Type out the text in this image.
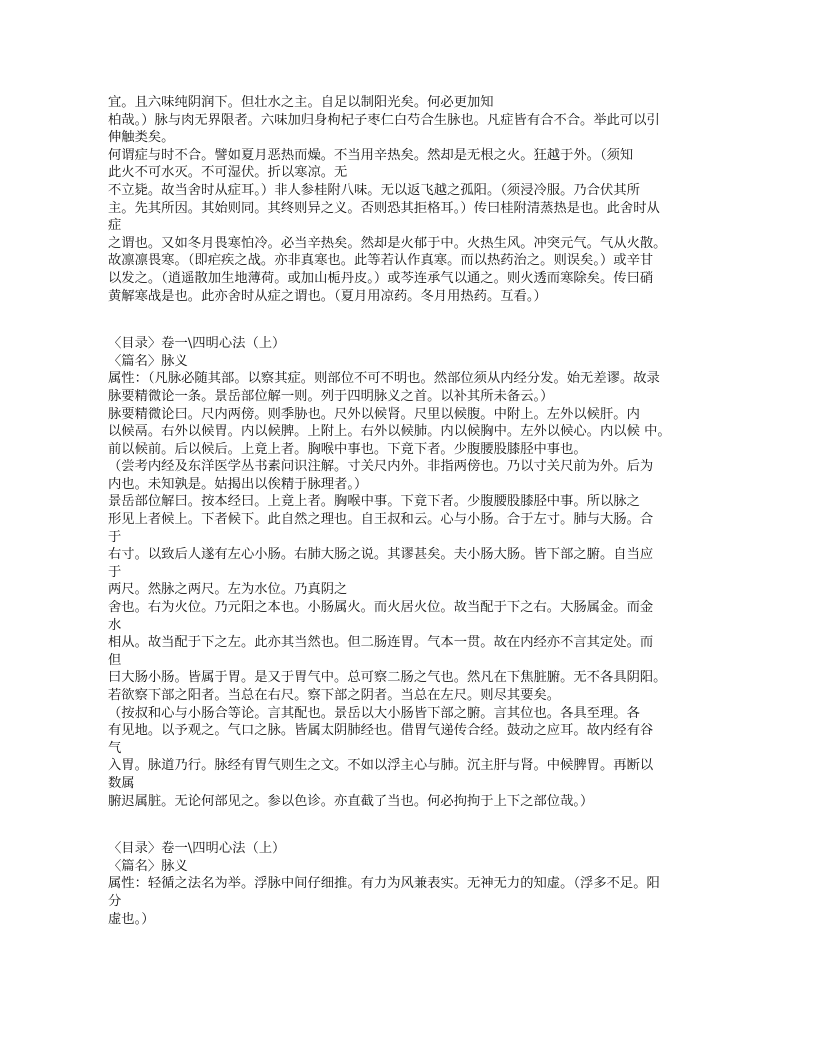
宜。且六味纯阴润下。但壮水之主。自足以制阳光矣。何必更加知
柏哉。）脉与肉无界限者。六味加归身枸杞子枣仁白芍合生脉也。凡症皆有合不合。举此可以引
伸触类矣。
何谓症与时不合。譬如夏月恶热而燥。不当用辛热矣。然却是无根之火。狂越于外。（须知
此火不可水灭。不可湿伏。折以寒凉。无
不立毙。故当舍时从症耳。）非人参桂附八味。无以返飞越之孤阳。（须浸冷服。乃合伏其所
主。先其所因。其始则同。其终则异之义。否则恐其拒格耳。）传曰桂附清蒸热是也。此舍时从
症
之谓也。又如冬月畏寒怕冷。必当辛热矣。然却是火郁于中。火热生风。冲突元气。气从火散。
故凛凛畏寒。（即疟疾之战。亦非真寒也。此等若认作真寒。而以热药治之。则误矣。）或辛甘
以发之。（逍遥散加生地薄荷。或加山栀丹皮。）或芩连承气以通之。则火透而寒除矣。传曰硝
黄解寒战是也。此亦舍时从症之谓也。（夏月用凉药。冬月用热药。互看。）
〈目录〉卷一\四明心法（上）
〈篇名〉脉义
属性：（凡脉必随其部。以察其症。则部位不可不明也。然部位须从内经分发。始无差谬。故录
脉要精微论一条。景岳部位解一则。列于四明脉义之首。以补其所未备云。）
脉要精微论曰。尺内两傍。则季胁也。尺外以候肾。尺里以候腹。中附上。左外以候肝。内
以候鬲。右外以候胃。内以候脾。上附上。右外以候肺。内以候胸中。左外以候心。内以候 中。
前以候前。后以候后。上竟上者。胸喉中事也。下竟下者。少腹腰股膝胫中事也。
（尝考内经及东洋医学丛书素问识注解。寸关尺内外。非指两傍也。乃以寸关尺前为外。后为
内也。未知孰是。姑揭出以俟精于脉理者。）
景岳部位解曰。按本经曰。上竟上者。胸喉中事。下竟下者。少腹腰股膝胫中事。所以脉之
形见上者候上。下者候下。此自然之理也。自王叔和云。心与小肠。合于左寸。肺与大肠。合
于
右寸。以致后人遂有左心小肠。右肺大肠之说。其谬甚矣。夫小肠大肠。皆下部之腑。自当应
于
两尺。然脉之两尺。左为水位。乃真阴之
舍也。右为火位。乃元阳之本也。小肠属火。而火居火位。故当配于下之右。大肠属金。而金
水
相从。故当配于下之左。此亦其当然也。但二肠连胃。气本一贯。故在内经亦不言其定处。而
但
曰大肠小肠。皆属于胃。是又于胃气中。总可察二肠之气也。然凡在下焦脏腑。无不各具阴阳。
若欲察下部之阳者。当总在右尺。察下部之阴者。当总在左尺。则尽其要矣。
（按叔和心与小肠合等论。言其配也。景岳以大小肠皆下部之腑。言其位也。各具至理。各
有见地。以予观之。气口之脉。皆属太阴肺经也。借胃气递传合经。鼓动之应耳。故内经有谷
气
入胃。脉道乃行。脉经有胃气则生之文。不如以浮主心与肺。沉主肝与肾。中候脾胃。再断以
数属
腑迟属脏。无论何部见之。参以色诊。亦直截了当也。何必拘拘于上下之部位哉。）
〈目录〉卷一\四明心法（上）
〈篇名〉脉义
属性：轻循之法名为举。浮脉中间仔细推。有力为风兼表实。无神无力的知虚。（浮多不足。阳
分
虚也。）
